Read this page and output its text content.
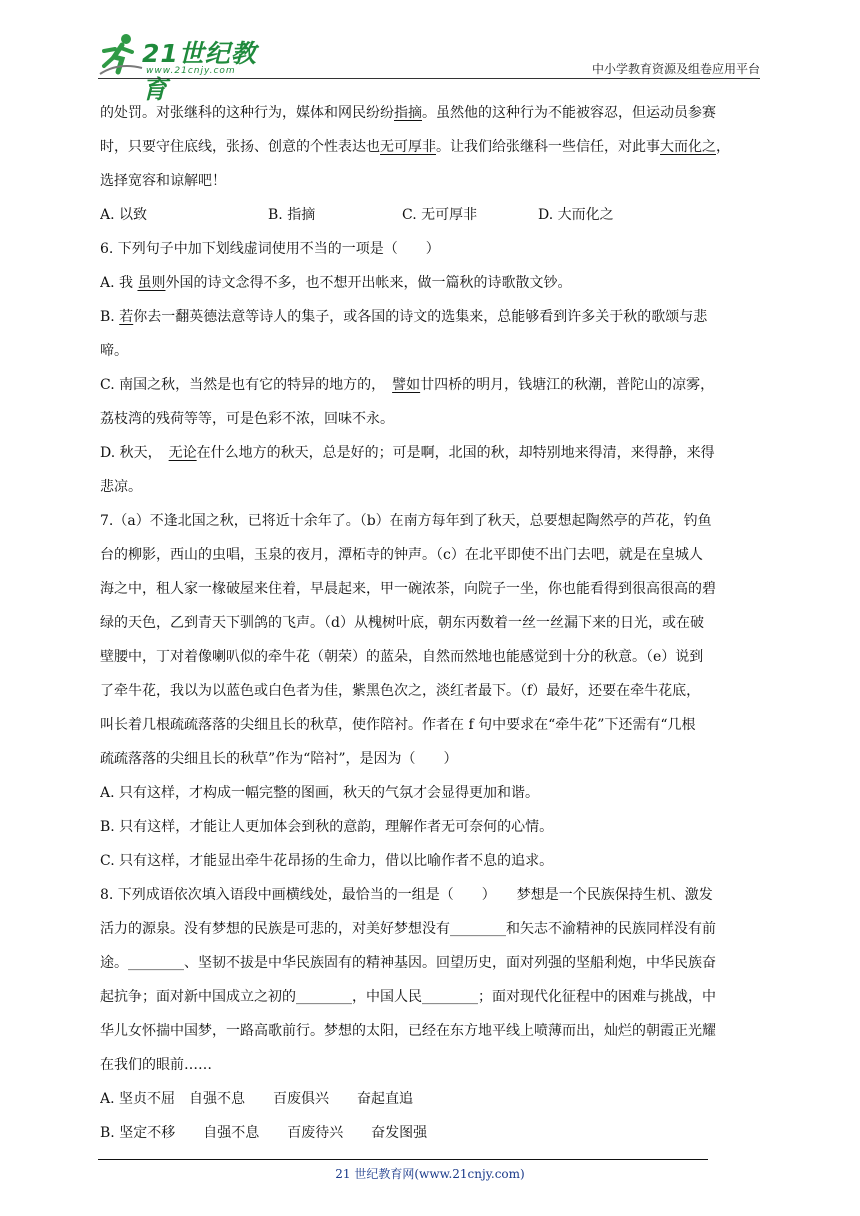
21世纪教育
www.21cnjy.com	中小学教育资源及组卷应用平台
的处罚。对张继科的这种行为，媒体和网民纷纷指摘。虽然他的这种行为不能被容忍，但运动员参赛
时，只要守住底线，张扬、创意的个性表达也无可厚非。让我们给张继科一些信任，对此事大而化之，
选择宽容和谅解吧！
A. 以致	B. 指摘	C. 无可厚非	D. 大而化之
6. 下列句子中加下划线虚词使用不当的一项是（　　）
A. 我 虽则外国的诗文念得不多，也不想开出帐来，做一篇秋的诗歌散文钞。
B. 若你去一翻英德法意等诗人的集子，或各国的诗文的选集来，总能够看到许多关于秋的歌颂与悲
啼。
C. 南国之秋，当然是也有它的特异的地方的，　譬如廿四桥的明月，钱塘江的秋潮，普陀山的凉雾，
荔枝湾的残荷等等，可是色彩不浓，回味不永。
D. 秋天，　无论在什么地方的秋天，总是好的；可是啊，北国的秋，却特别地来得清，来得静，来得
悲凉。
7.（a）不逢北国之秋，已将近十余年了。（b）在南方每年到了秋天，总要想起陶然亭的芦花，钓鱼
台的柳影，西山的虫唱，玉泉的夜月，潭柘寺的钟声。（c）在北平即使不出门去吧，就是在皇城人
海之中，租人家一椽破屋来住着，早晨起来，甲一碗浓茶，向院子一坐，你也能看得到很高很高的碧
绿的天色，乙到青天下驯鸽的飞声。（d）从槐树叶底，朝东丙数着一丝一丝漏下来的日光，或在破
壁腰中，丁对着像喇叭似的牵牛花（朝荣）的蓝朵，自然而然地也能感觉到十分的秋意。（e）说到
了牵牛花，我以为以蓝色或白色者为佳，紫黑色次之，淡红者最下。（f）最好，还要在牵牛花底，
叫长着几根疏疏落落的尖细且长的秋草，使作陪衬。作者在 f 句中要求在“牵牛花”下还需有“几根
疏疏落落的尖细且长的秋草”作为“陪衬”，是因为（　　）
A. 只有这样，才构成一幅完整的图画，秋天的气氛才会显得更加和谐。
B. 只有这样，才能让人更加体会到秋的意韵，理解作者无可奈何的心情。
C. 只有这样，才能显出牵牛花昂扬的生命力，借以比喻作者不息的追求。
8. 下列成语依次填入语段中画横线处，最恰当的一组是（　　）　　梦想是一个民族保持生机、激发
活力的源泉。没有梦想的民族是可悲的，对美好梦想没有________和矢志不渝精神的民族同样没有前
途。________、坚韧不拔是中华民族固有的精神基因。回望历史，面对列强的坚船利炮，中华民族奋
起抗争；面对新中国成立之初的________，中国人民________；面对现代化征程中的困难与挑战，中
华儿女怀揣中国梦，一路高歌前行。梦想的太阳，已经在东方地平线上喷薄而出，灿烂的朝霞正光耀
在我们的眼前……
A. 坚贞不屈　自强不息　　百废俱兴　　奋起直追
B. 坚定不移　　自强不息　　百废待兴　　奋发图强
21 世纪教育网(www.21cnjy.com)
